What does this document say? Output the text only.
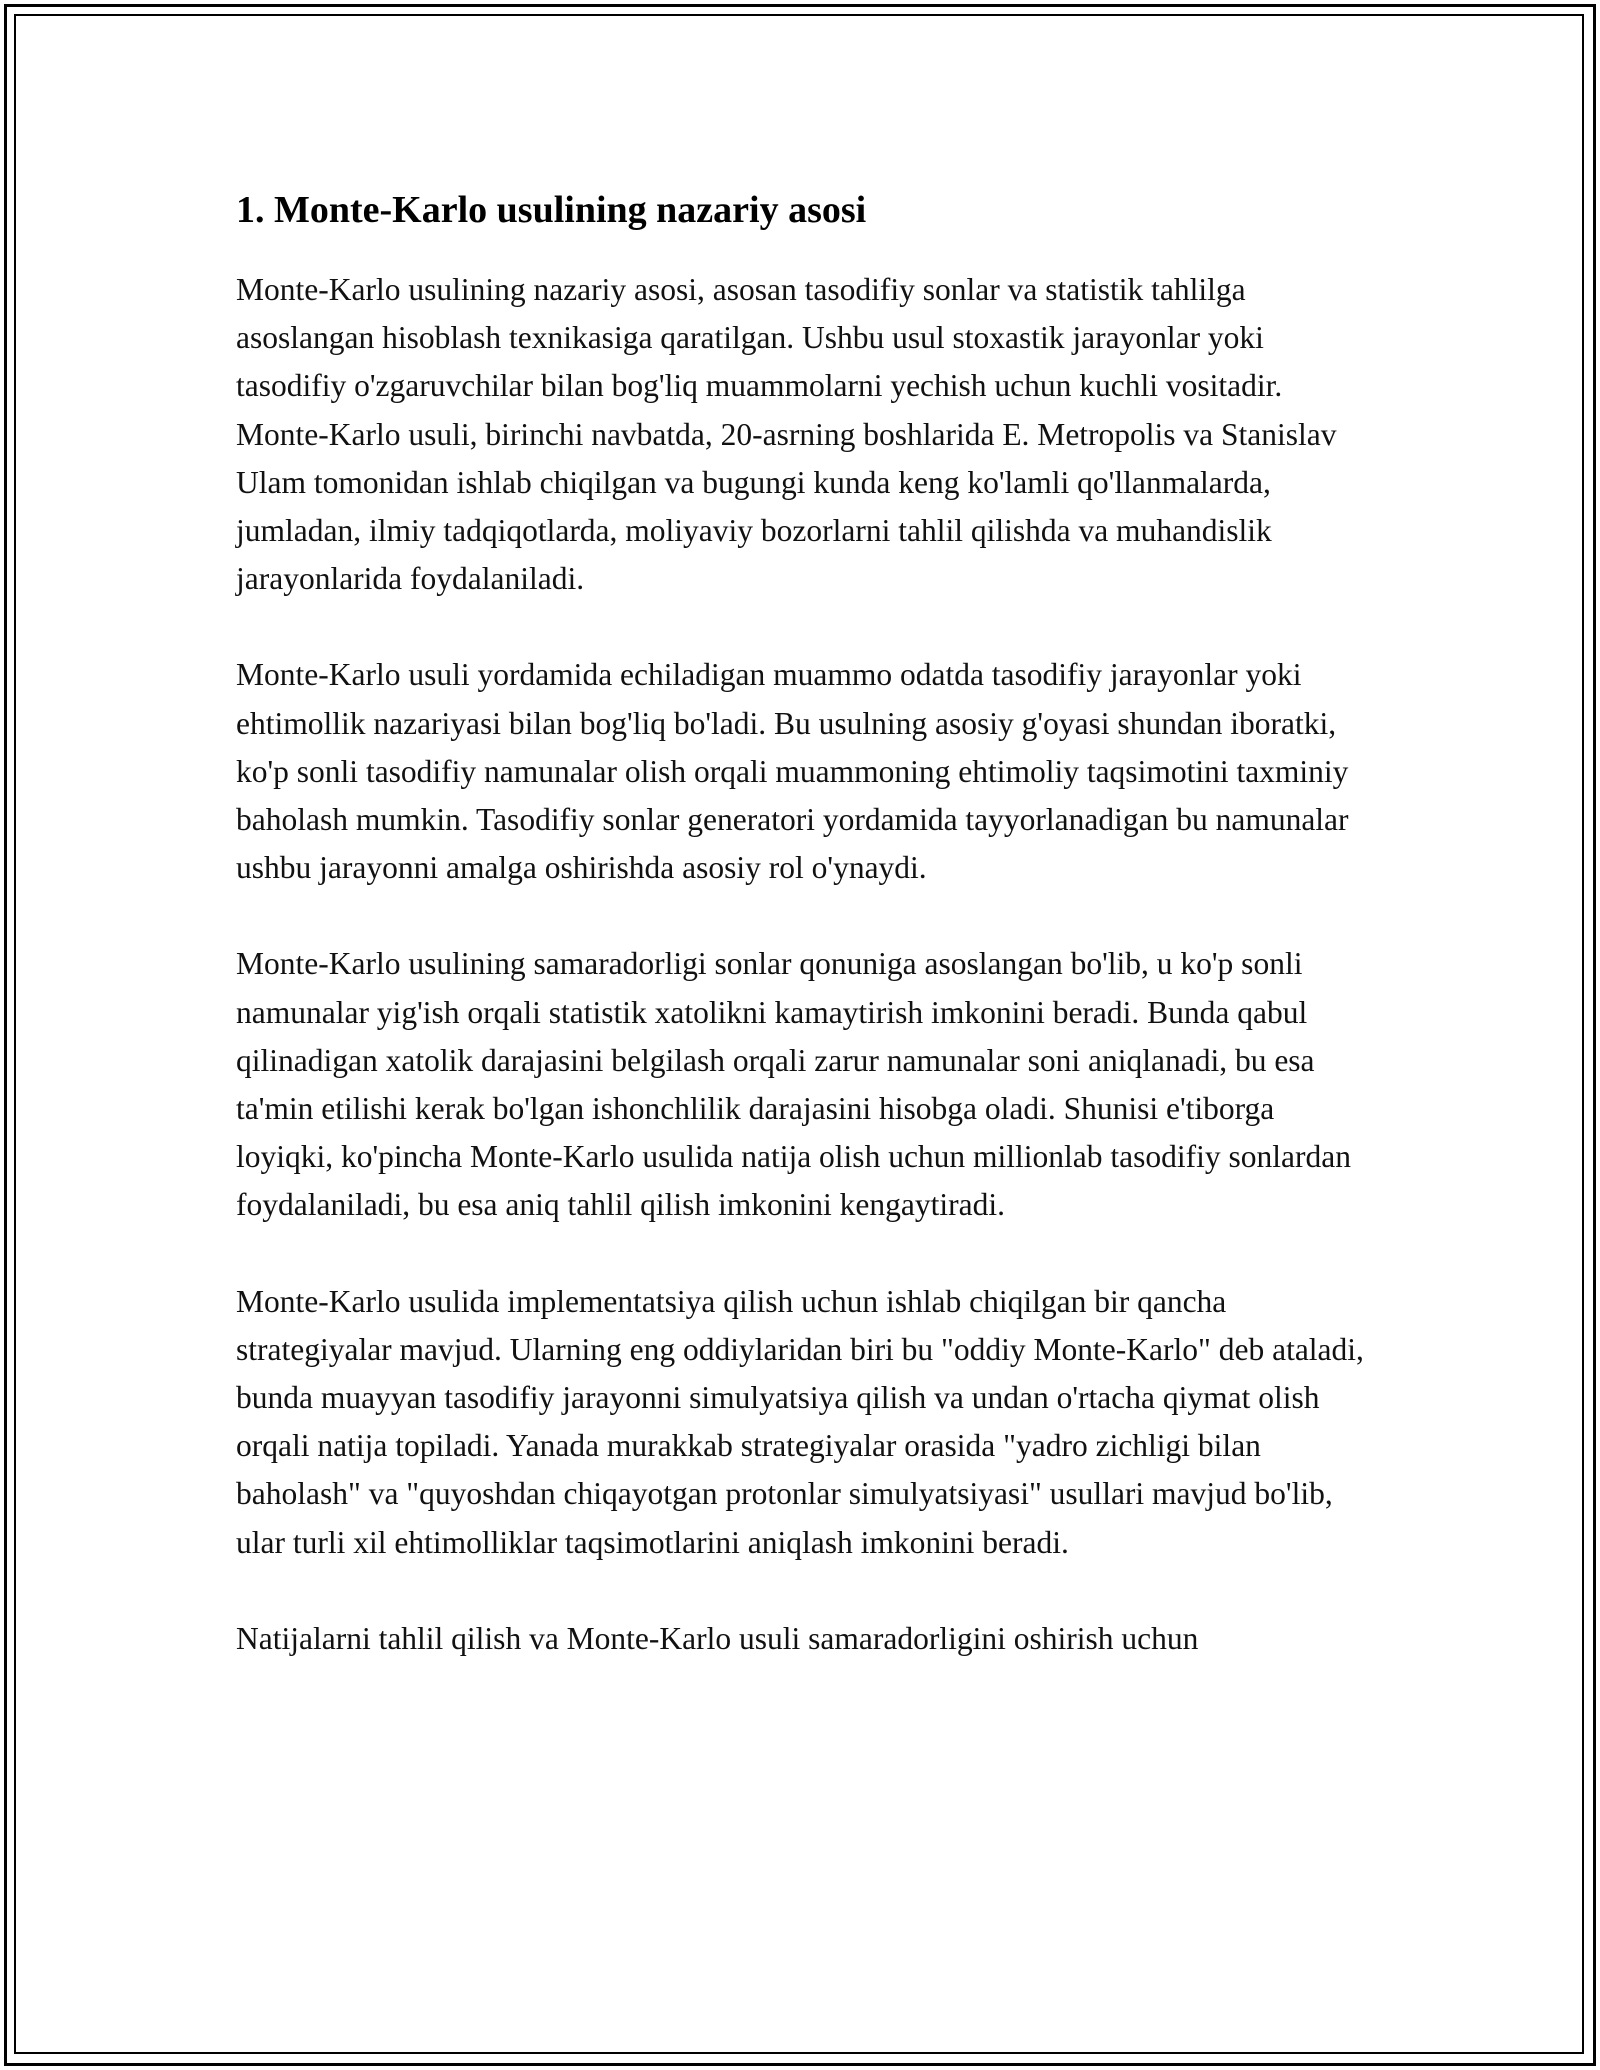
1. Monte-Karlo usulining nazariy asosi

Monte-Karlo usulining nazariy asosi, asosan tasodifiy sonlar va statistik tahlilga asoslangan hisoblash texnikasiga qaratilgan. Ushbu usul stoxastik jarayonlar yoki tasodifiy o'zgaruvchilar bilan bog'liq muammolarni yechish uchun kuchli vositadir. Monte-Karlo usuli, birinchi navbatda, 20-asrning boshlarida E. Metropolis va Stanislav Ulam tomonidan ishlab chiqilgan va bugungi kunda keng ko'lamli qo'llanmalarda, jumladan, ilmiy tadqiqotlarda, moliyaviy bozorlarni tahlil qilishda va muhandislik jarayonlarida foydalaniladi.

Monte-Karlo usuli yordamida echiladigan muammo odatda tasodifiy jarayonlar yoki ehtimollik nazariyasi bilan bog'liq bo'ladi. Bu usulning asosiy g'oyasi shundan iboratki, ko'p sonli tasodifiy namunalar olish orqali muammoning ehtimoliy taqsimotini taxminiy baholash mumkin. Tasodifiy sonlar generatori yordamida tayyorlanadigan bu namunalar ushbu jarayonni amalga oshirishda asosiy rol o'ynaydi.

Monte-Karlo usulining samaradorligi sonlar qonuniga asoslangan bo'lib, u ko'p sonli namunalar yig'ish orqali statistik xatolikni kamaytirish imkonini beradi. Bunda qabul qilinadigan xatolik darajasini belgilash orqali zarur namunalar soni aniqlanadi, bu esa ta'min etilishi kerak bo'lgan ishonchlilik darajasini hisobga oladi. Shunisi e'tiborga loyiqki, ko'pincha Monte-Karlo usulida natija olish uchun millionlab tasodifiy sonlardan foydalaniladi, bu esa aniq tahlil qilish imkonini kengaytiradi.

Monte-Karlo usulida implementatsiya qilish uchun ishlab chiqilgan bir qancha strategiyalar mavjud. Ularning eng oddiylaridan biri bu "oddiy Monte-Karlo" deb ataladi, bunda muayyan tasodifiy jarayonni simulyatsiya qilish va undan o'rtacha qiymat olish orqali natija topiladi. Yanada murakkab strategiyalar orasida "yadro zichligi bilan baholash" va "quyoshdan chiqayotgan protonlar simulyatsiyasi" usullari mavjud bo'lib, ular turli xil ehtimolliklar taqsimotlarini aniqlash imkonini beradi.

Natijalarni tahlil qilish va Monte-Karlo usuli samaradorligini oshirish uchun
